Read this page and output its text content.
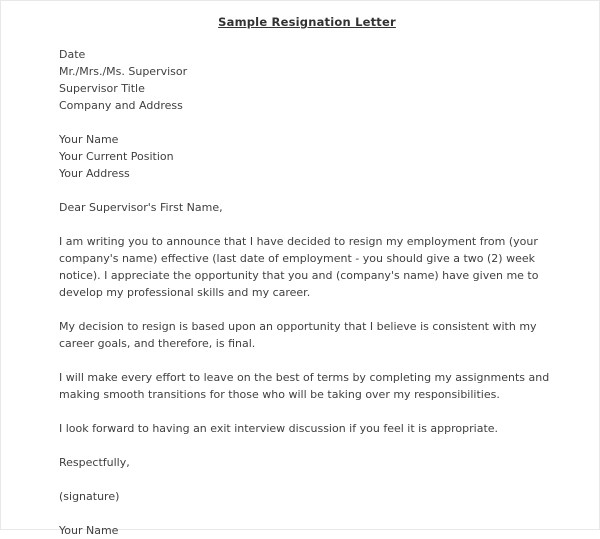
Sample Resignation Letter
Date
Mr./Mrs./Ms. Supervisor
Supervisor Title
Company and Address
Your Name
Your Current Position
Your Address
Dear Supervisor's First Name,
I am writing you to announce that I have decided to resign my employment from (your company's name) effective (last date of employment - you should give a two (2) week notice). I appreciate the opportunity that you and (company's name) have given me to develop my professional skills and my career.
My decision to resign is based upon an opportunity that I believe is consistent with my career goals, and therefore, is final.
I will make every effort to leave on the best of terms by completing my assignments and making smooth transitions for those who will be taking over my responsibilities.
I look forward to having an exit interview discussion if you feel it is appropriate.
Respectfully,
(signature)
Your Name
